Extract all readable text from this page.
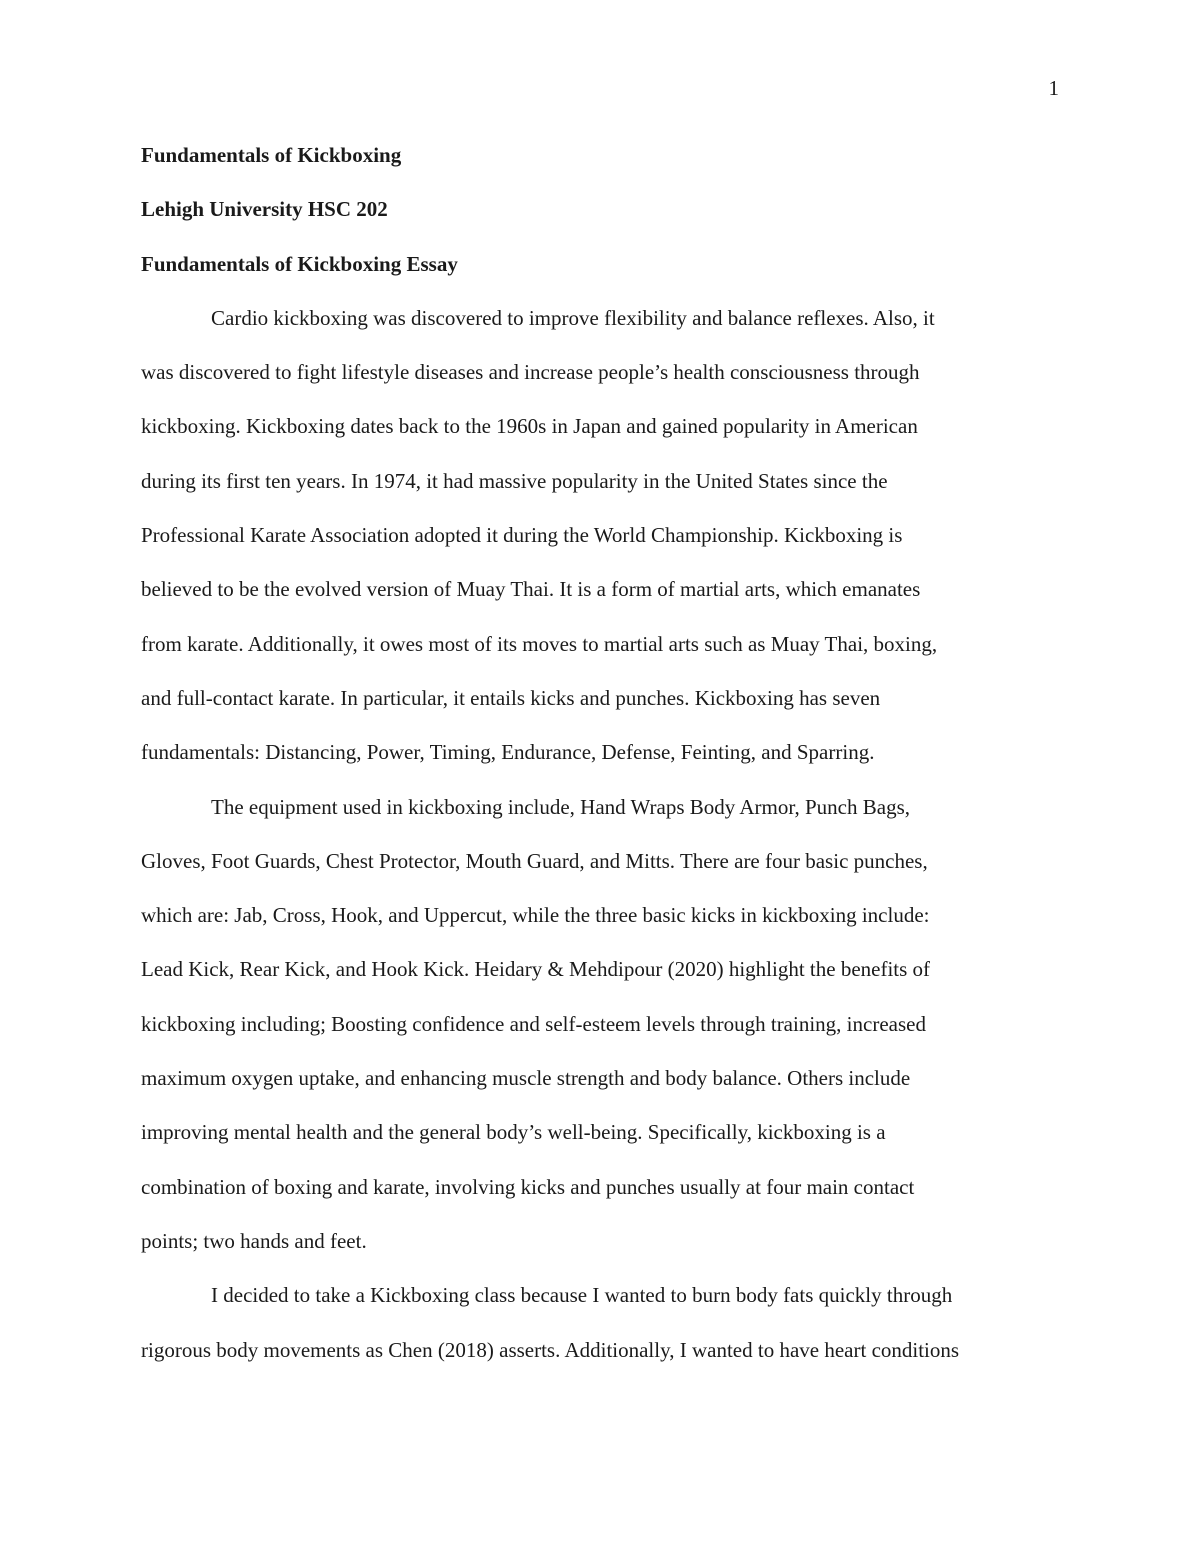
1

Fundamentals of Kickboxing

Lehigh University HSC 202

Fundamentals of Kickboxing Essay

Cardio kickboxing was discovered to improve flexibility and balance reflexes. Also, it

was discovered to fight lifestyle diseases and increase people’s health consciousness through

kickboxing. Kickboxing dates back to the 1960s in Japan and gained popularity in American

during its first ten years. In 1974, it had massive popularity in the United States since the

Professional Karate Association adopted it during the World Championship. Kickboxing is

believed to be the evolved version of Muay Thai. It is a form of martial arts, which emanates

from karate. Additionally, it owes most of its moves to martial arts such as Muay Thai, boxing,

and full-contact karate. In particular, it entails kicks and punches. Kickboxing has seven

fundamentals: Distancing, Power, Timing, Endurance, Defense, Feinting, and Sparring.

The equipment used in kickboxing include, Hand Wraps Body Armor, Punch Bags,

Gloves, Foot Guards, Chest Protector, Mouth Guard, and Mitts. There are four basic punches,

which are: Jab, Cross, Hook, and Uppercut, while the three basic kicks in kickboxing include:

Lead Kick, Rear Kick, and Hook Kick. Heidary & Mehdipour (2020) highlight the benefits of

kickboxing including; Boosting confidence and self-esteem levels through training, increased

maximum oxygen uptake, and enhancing muscle strength and body balance. Others include

improving mental health and the general body’s well-being. Specifically, kickboxing is a

combination of boxing and karate, involving kicks and punches usually at four main contact

points; two hands and feet.

I decided to take a Kickboxing class because I wanted to burn body fats quickly through

rigorous body movements as Chen (2018) asserts. Additionally, I wanted to have heart conditions
